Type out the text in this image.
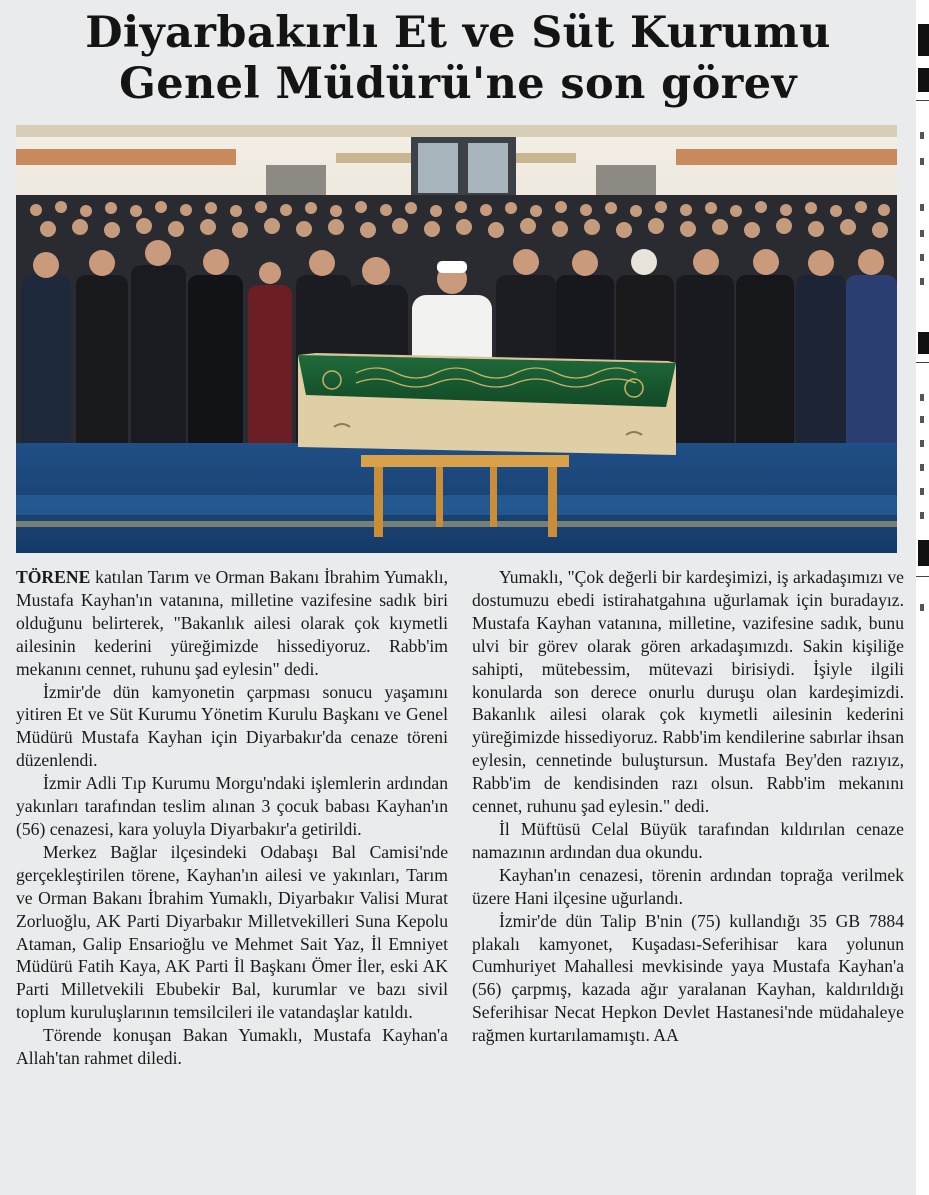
Diyarbakırlı Et ve Süt Kurumu
Genel Müdürü'ne son görev

TÖRENE katılan Tarım ve Orman Bakanı İbrahim Yumaklı, Mustafa Kayhan'ın vatanına, milletine vazifesine sadık biri olduğunu belirterek, "Bakanlık ailesi olarak çok kıymetli ailesinin kederini yüreğimizde hissediyoruz. Rabb'im mekanını cennet, ruhunu şad eylesin" dedi.

İzmir'de dün kamyonetin çarpması sonucu yaşamını yitiren Et ve Süt Kurumu Yönetim Kurulu Başkanı ve Genel Müdürü Mustafa Kayhan için Diyarbakır'da cenaze töreni düzenlendi.

İzmir Adli Tıp Kurumu Morgu'ndaki işlemlerin ardından yakınları tarafından teslim alınan 3 çocuk babası Kayhan'ın (56) cenazesi, kara yoluyla Diyarbakır'a getirildi.

Merkez Bağlar ilçesindeki Odabaşı Bal Camisi'nde gerçekleştirilen törene, Kayhan'ın ailesi ve yakınları, Tarım ve Orman Bakanı İbrahim Yumaklı, Diyarbakır Valisi Murat Zorluoğlu, AK Parti Diyarbakır Milletvekilleri Suna Kepolu Ataman, Galip Ensarioğlu ve Mehmet Sait Yaz, İl Emniyet Müdürü Fatih Kaya, AK Parti İl Başkanı Ömer İler, eski AK Parti Milletvekili Ebubekir Bal, kurumlar ve bazı sivil toplum kuruluşlarının temsilcileri ile vatandaşlar katıldı.

Törende konuşan Bakan Yumaklı, Mustafa Kayhan'a Allah'tan rahmet diledi.

Yumaklı, "Çok değerli bir kardeşimizi, iş arkadaşımızı ve dostumuzu ebedi istirahatgahına uğurlamak için buradayız. Mustafa Kayhan vatanına, milletine, vazifesine sadık, bunu ulvi bir görev olarak gören arkadaşımızdı. Sakin kişiliğe sahipti, mütebessim, mütevazi birisiydi. İşiyle ilgili konularda son derece onurlu duruşu olan kardeşimizdi. Bakanlık ailesi olarak çok kıymetli ailesinin kederini yüreğimizde hissediyoruz. Rabb'im kendilerine sabırlar ihsan eylesin, cennetinde buluştursun. Mustafa Bey'den razıyız, Rabb'im de kendisinden razı olsun. Rabb'im mekanını cennet, ruhunu şad eylesin." dedi.

İl Müftüsü Celal Büyük tarafından kıldırılan cenaze namazının ardından dua okundu.

Kayhan'ın cenazesi, törenin ardından toprağa verilmek üzere Hani ilçesine uğurlandı.

İzmir'de dün Talip B'nin (75) kullandığı 35 GB 7884 plakalı kamyonet, Kuşadası-Seferihisar kara yolunun Cumhuriyet Mahallesi mevkisinde yaya Mustafa Kayhan'a (56) çarpmış, kazada ağır yaralanan Kayhan, kaldırıldığı Seferihisar Necat Hepkon Devlet Hastanesi'nde müdahaleye rağmen kurtarılamamıştı. AA
